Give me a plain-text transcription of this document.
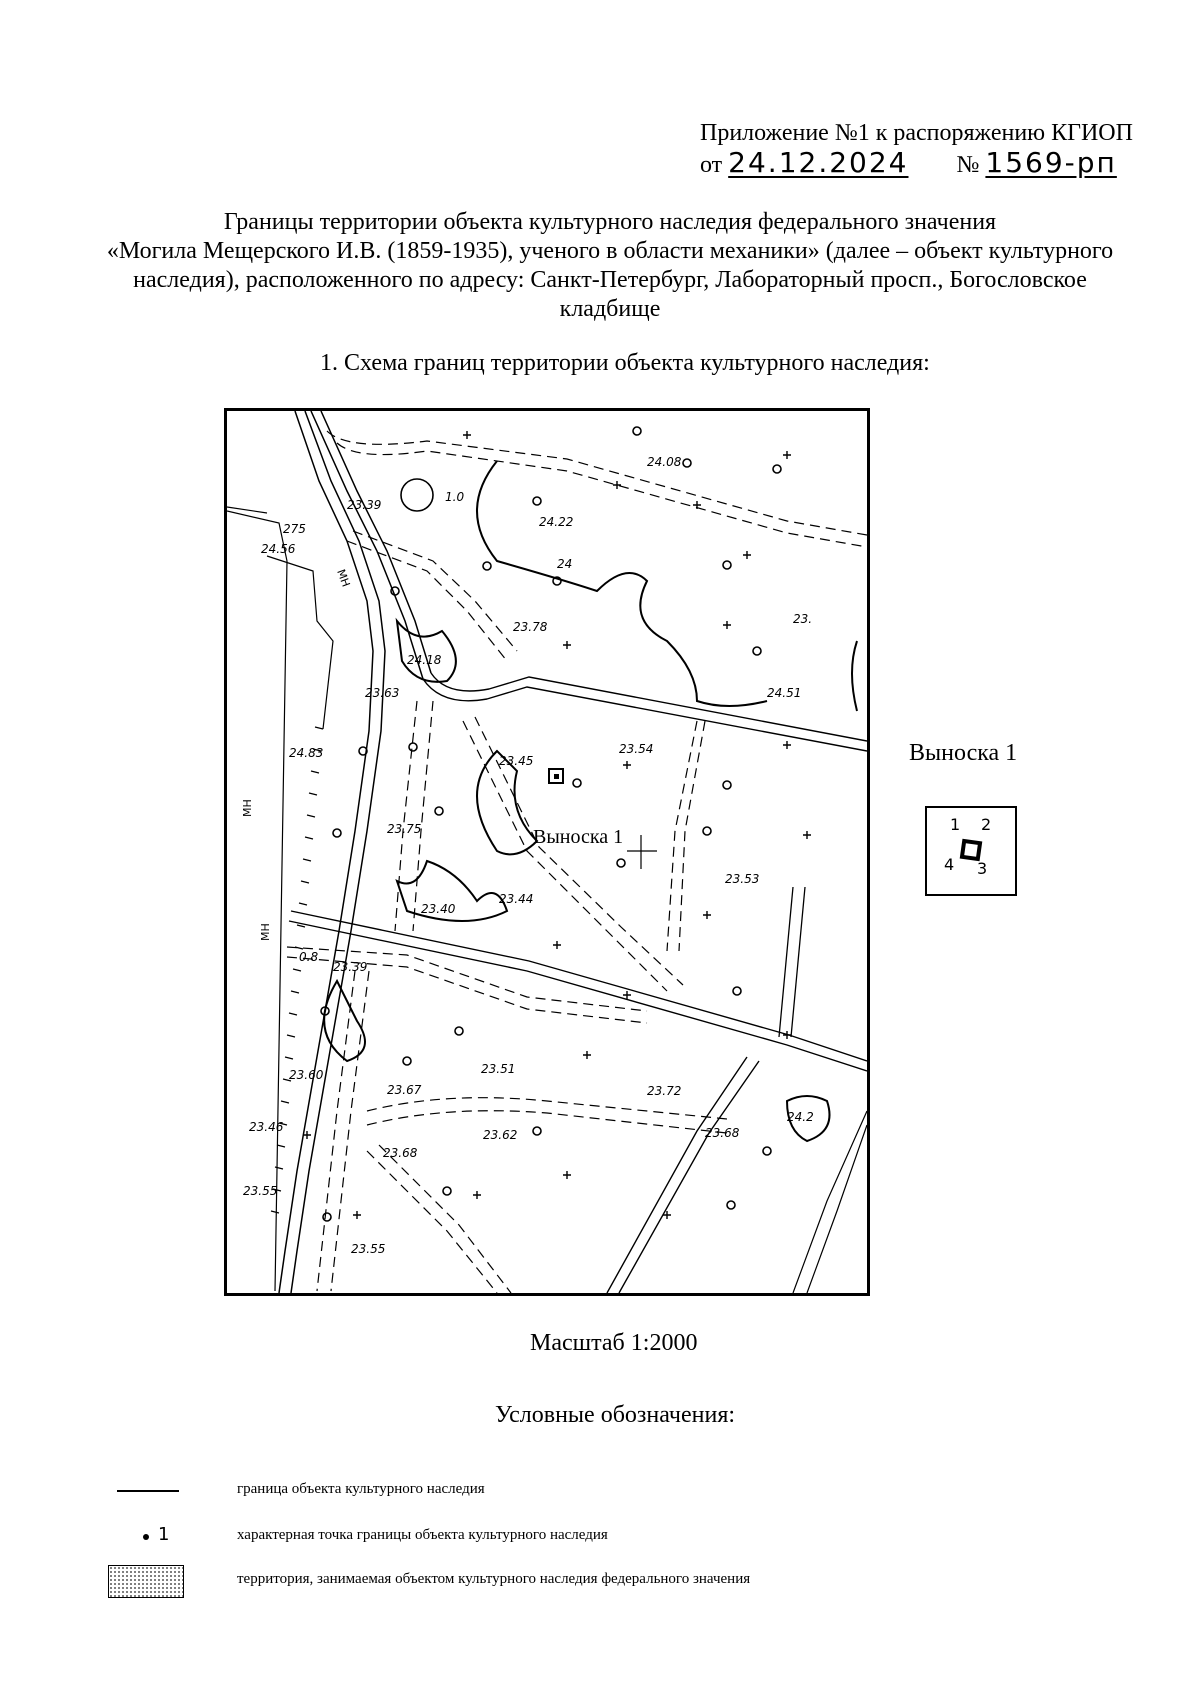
Приложение №1 к распоряжению КГИОП
от 24.12.2024 № 1569-рп
Границы территории объекта культурного наследия федерального значения
«Могила Мещерского И.В. (1859-1935), ученого в области механики» (далее – объект культурного
наследия), расположенного по адресу: Санкт-Петербург, Лабораторный просп., Богословское
кладбище
1. Схема границ территории объекта культурного наследия:
24.08
23.39
1.0
24.22
24
23.78
23.
24.18
24.51
275
24.56
23.63
24.83
23.45
23.54
23.75
23.40
23.44
23.53
0.8
23.39
23.60
23.67
23.51
23.72
24.2
23.46	23.68
23.62
23.68
23.55
23.55
МН
МН
МН
Выноска 1
Выноска 1
1 2
3
4
Масштаб 1:2000
Условные обозначения:
граница объекта культурного наследия
1	характерная точка границы объекта культурного наследия
территория, занимаемая объектом культурного наследия федерального значения
